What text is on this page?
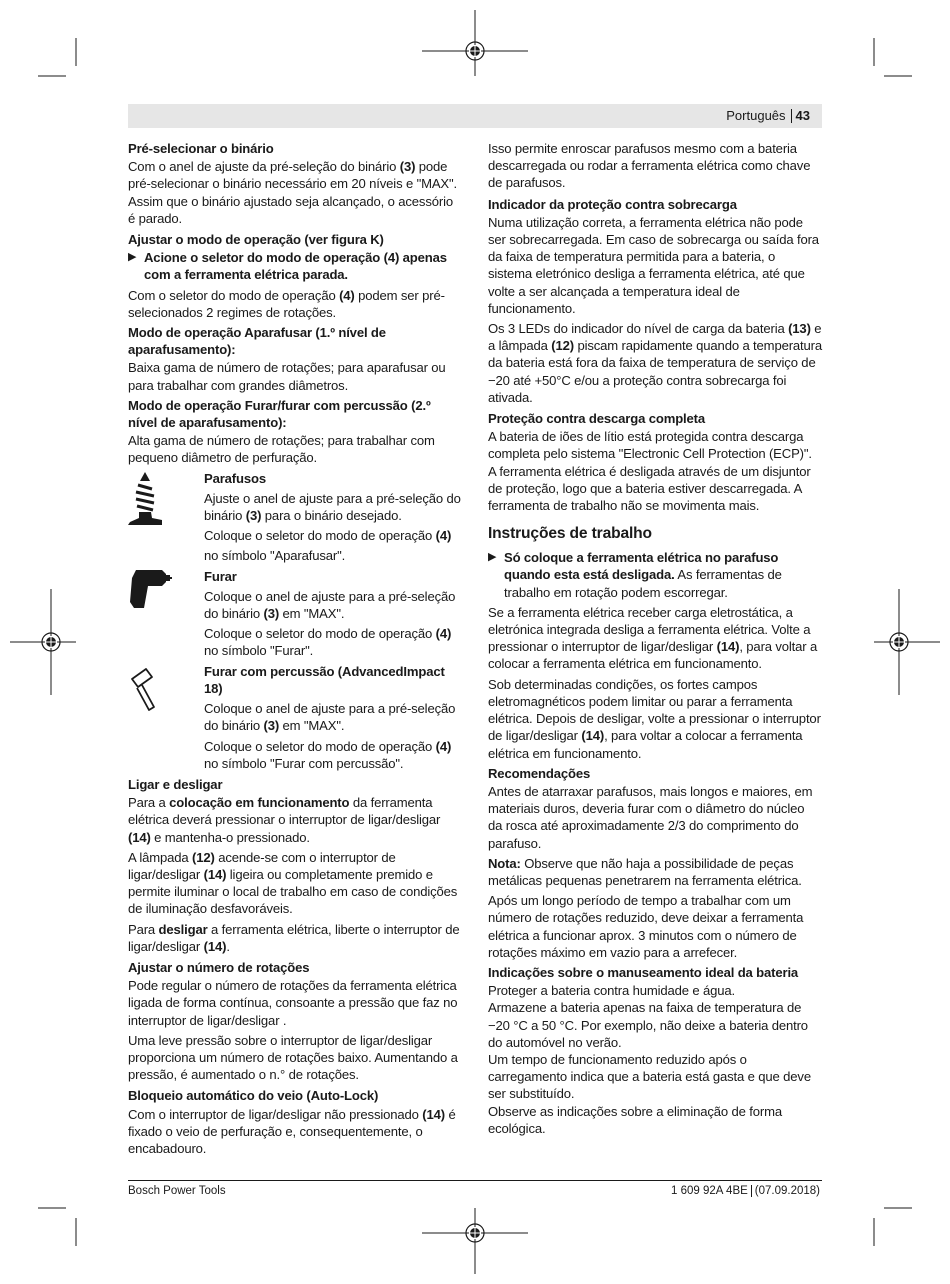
Português 43

Pré-selecionar o binário

Com o anel de ajuste da pré-seleção do binário (3) pode pré-selecionar o binário necessário em 20 níveis e "MAX". Assim que o binário ajustado seja alcançado, o acessório é parado.

Ajustar o modo de operação (ver figura K)

▶ Acione o seletor do modo de operação (4) apenas com a ferramenta elétrica parada.

Com o seletor do modo de operação (4) podem ser pré-selecionados 2 regimes de rotações.

Modo de operação Aparafusar (1.º nível de aparafusamento):

Baixa gama de número de rotações; para aparafusar ou para trabalhar com grandes diâmetros.

Modo de operação Furar/furar com percussão (2.º nível de aparafusamento):

Alta gama de número de rotações; para trabalhar com pequeno diâmetro de perfuração.

Parafusos

Ajuste o anel de ajuste para a pré-seleção do binário (3) para o binário desejado.

Coloque o seletor do modo de operação (4)

no símbolo "Aparafusar".

Furar

Coloque o anel de ajuste para a pré-seleção do binário (3) em "MAX".

Coloque o seletor do modo de operação (4) no símbolo "Furar".

Furar com percussão (AdvancedImpact 18)

Coloque o anel de ajuste para a pré-seleção do binário (3) em "MAX".

Coloque o seletor do modo de operação (4) no símbolo "Furar com percussão".

Ligar e desligar

Para a colocação em funcionamento da ferramenta elétrica deverá pressionar o interruptor de ligar/desligar (14) e mantenha-o pressionado.

A lâmpada (12) acende-se com o interruptor de ligar/desligar (14) ligeira ou completamente premido e permite iluminar o local de trabalho em caso de condições de iluminação desfavoráveis.

Para desligar a ferramenta elétrica, liberte o interruptor de ligar/desligar (14).

Ajustar o número de rotações

Pode regular o número de rotações da ferramenta elétrica ligada de forma contínua, consoante a pressão que faz no interruptor de ligar/desligar .

Uma leve pressão sobre o interruptor de ligar/desligar proporciona um número de rotações baixo. Aumentando a pressão, é aumentado o n.° de rotações.

Bloqueio automático do veio (Auto-Lock)

Com o interruptor de ligar/desligar não pressionado (14) é fixado o veio de perfuração e, consequentemente, o encabadouro.

Isso permite enroscar parafusos mesmo com a bateria descarregada ou rodar a ferramenta elétrica como chave de parafusos.

Indicador da proteção contra sobrecarga

Numa utilização correta, a ferramenta elétrica não pode ser sobrecarregada. Em caso de sobrecarga ou saída fora da faixa de temperatura permitida para a bateria, o sistema eletrónico desliga a ferramenta elétrica, até que volte a ser alcançada a temperatura ideal de funcionamento.

Os 3 LEDs do indicador do nível de carga da bateria (13) e a lâmpada (12) piscam rapidamente quando a temperatura da bateria está fora da faixa de temperatura de serviço de −20 até +50°C e/ou a proteção contra sobrecarga foi ativada.

Proteção contra descarga completa

A bateria de iões de lítio está protegida contra descarga completa pelo sistema "Electronic Cell Protection (ECP)". A ferramenta elétrica é desligada através de um disjuntor de proteção, logo que a bateria estiver descarregada. A ferramenta de trabalho não se movimenta mais.

Instruções de trabalho

▶ Só coloque a ferramenta elétrica no parafuso quando esta está desligada. As ferramentas de trabalho em rotação podem escorregar.

Se a ferramenta elétrica receber carga eletrostática, a eletrónica integrada desliga a ferramenta elétrica. Volte a pressionar o interruptor de ligar/desligar (14), para voltar a colocar a ferramenta elétrica em funcionamento.

Sob determinadas condições, os fortes campos eletromagnéticos podem limitar ou parar a ferramenta elétrica. Depois de desligar, volte a pressionar o interruptor de ligar/desligar (14), para voltar a colocar a ferramenta elétrica em funcionamento.

Recomendações

Antes de atarraxar parafusos, mais longos e maiores, em materiais duros, deveria furar com o diâmetro do núcleo da rosca até aproximadamente 2/3 do comprimento do parafuso.

Nota: Observe que não haja a possibilidade de peças metálicas pequenas penetrarem na ferramenta elétrica.

Após um longo período de tempo a trabalhar com um número de rotações reduzido, deve deixar a ferramenta elétrica a funcionar aprox. 3 minutos com o número de rotações máximo em vazio para a arrefecer.

Indicações sobre o manuseamento ideal da bateria

Proteger a bateria contra humidade e água.

Armazene a bateria apenas na faixa de temperatura de −20 °C a 50 °C. Por exemplo, não deixe a bateria dentro do automóvel no verão.

Um tempo de funcionamento reduzido após o carregamento indica que a bateria está gasta e que deve ser substituído.

Observe as indicações sobre a eliminação de forma ecológica.

Bosch Power Tools	1 609 92A 4BE (07.09.2018)
